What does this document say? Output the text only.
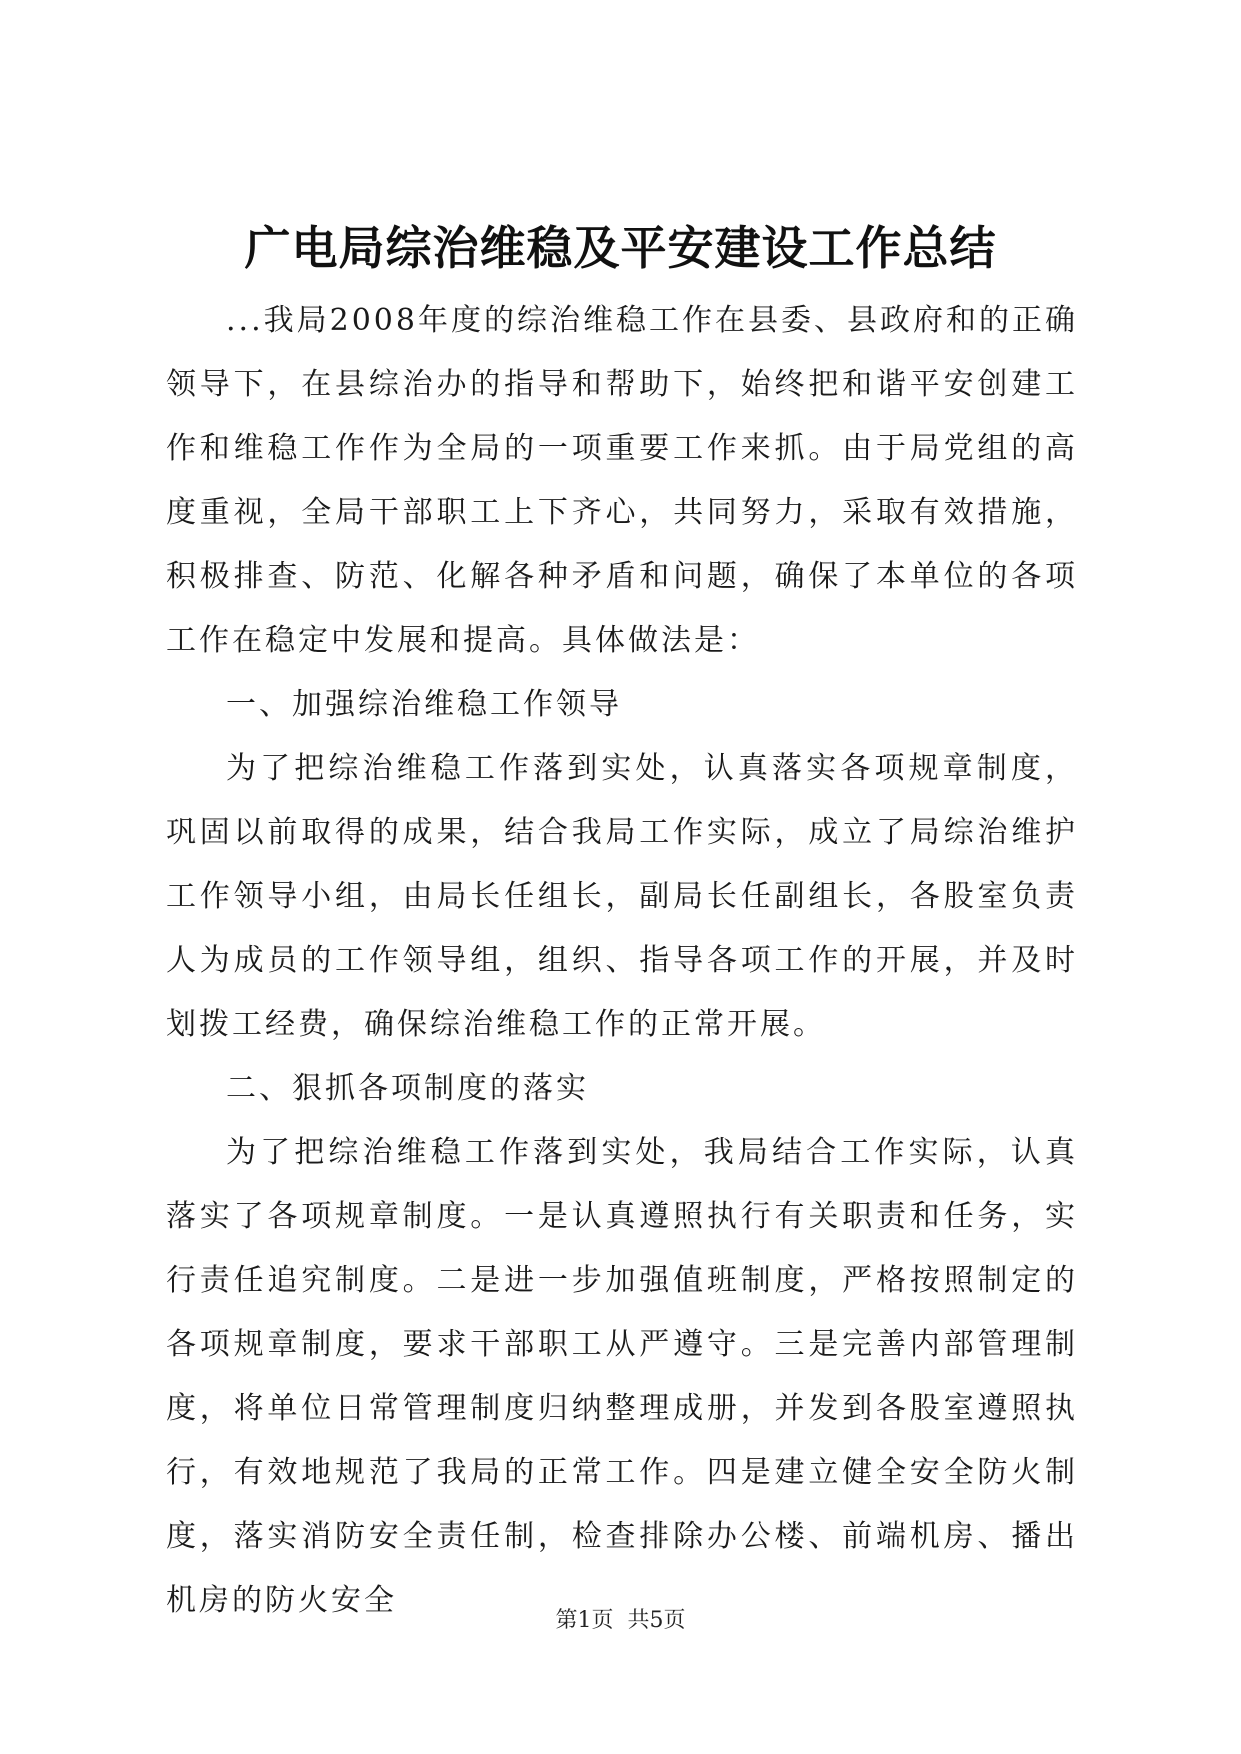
广电局综治维稳及平安建设工作总结

...我局2008年度的综治维稳工作在县委、县政府和的正确领导下，在县综治办的指导和帮助下，始终把和谐平安创建工作和维稳工作作为全局的一项重要工作来抓。由于局党组的高度重视，全局干部职工上下齐心，共同努力，采取有效措施，积极排查、防范、化解各种矛盾和问题，确保了本单位的各项工作在稳定中发展和提高。具体做法是：

一、加强综治维稳工作领导

为了把综治维稳工作落到实处，认真落实各项规章制度，巩固以前取得的成果，结合我局工作实际，成立了局综治维护工作领导小组，由局长任组长，副局长任副组长，各股室负责人为成员的工作领导组，组织、指导各项工作的开展，并及时划拨工经费，确保综治维稳工作的正常开展。

二、狠抓各项制度的落实

为了把综治维稳工作落到实处，我局结合工作实际，认真落实了各项规章制度。一是认真遵照执行有关职责和任务，实行责任追究制度。二是进一步加强值班制度，严格按照制定的各项规章制度，要求干部职工从严遵守。三是完善内部管理制度，将单位日常管理制度归纳整理成册，并发到各股室遵照执行，有效地规范了我局的正常工作。四是建立健全安全防火制度，落实消防安全责任制，检查排除办公楼、前端机房、播出机房的防火安全

第1页 共5页
